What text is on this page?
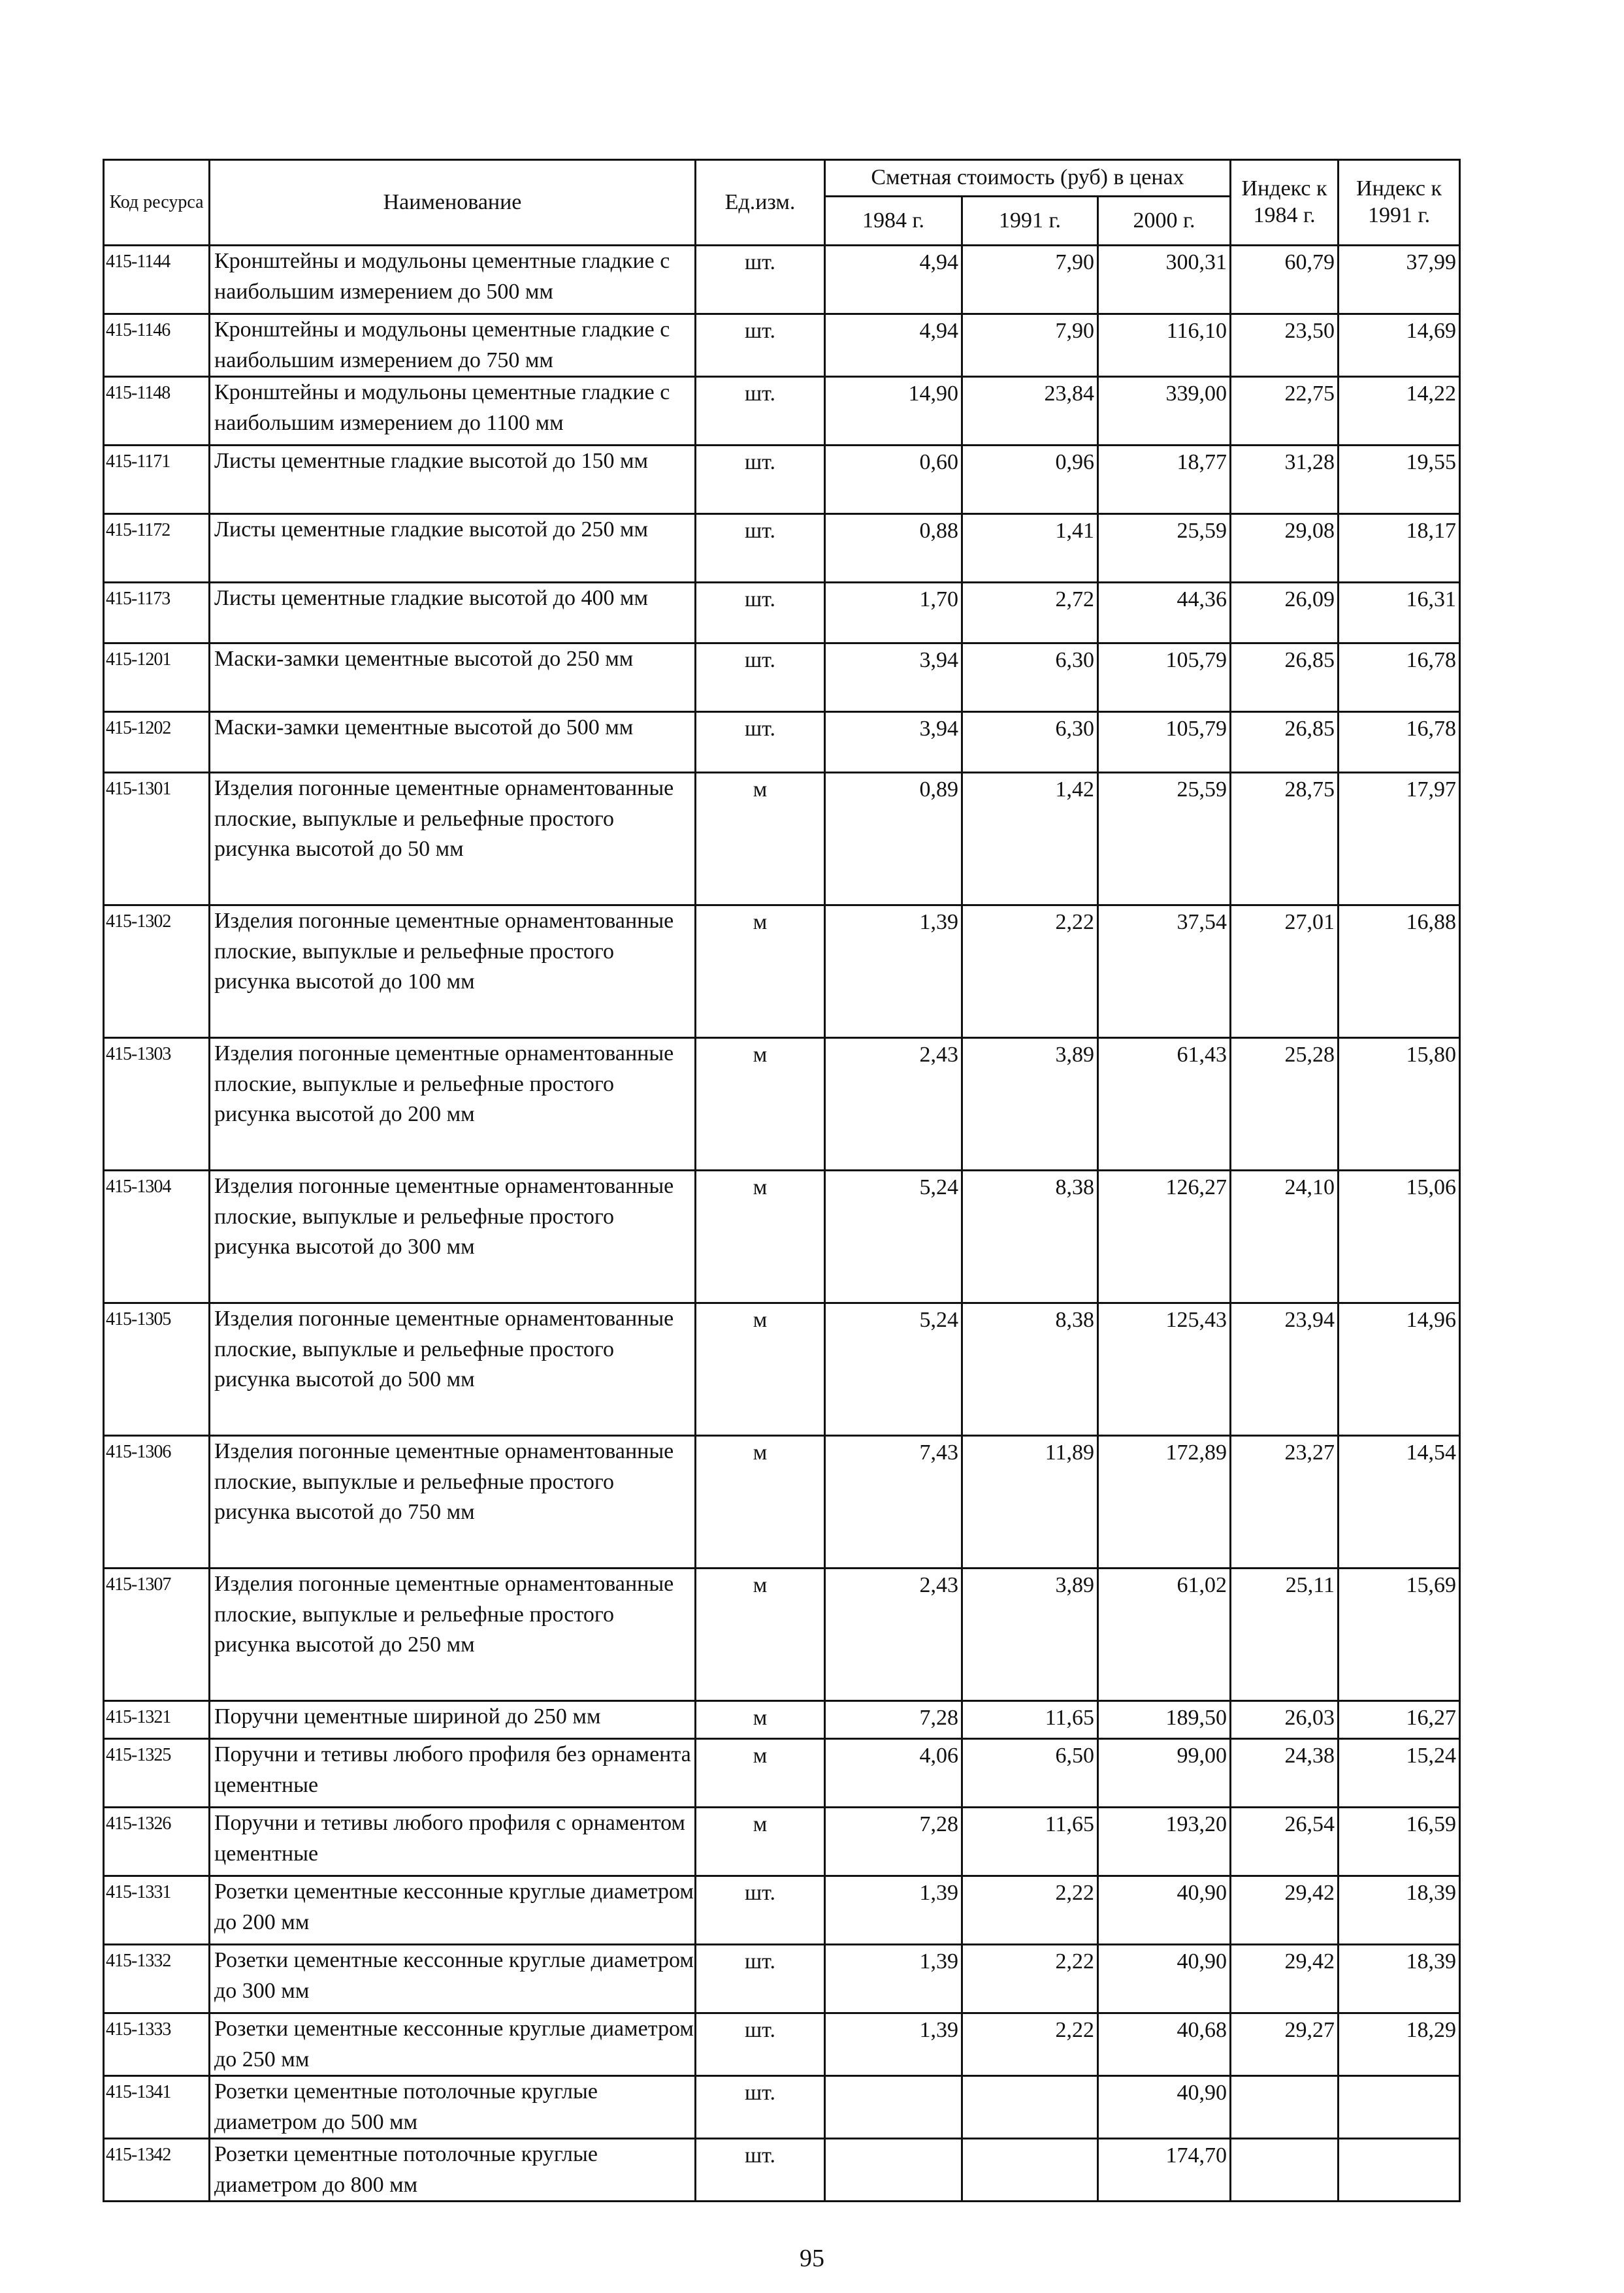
Код ресурса	Наименование	Ед.изм.	Сметная стоимость (руб) в ценах			Индекс к 1984 г.	Индекс к 1991 г.
			1984 г.	1991 г.	2000 г.		
415-1144	Кронштейны и модульоны цементные гладкие с наибольшим измерением до 500 мм	шт.	4,94	7,90	300,31	60,79	37,99
415-1146	Кронштейны и модульоны цементные гладкие с наибольшим измерением до 750 мм	шт.	4,94	7,90	116,10	23,50	14,69
415-1148	Кронштейны и модульоны цементные гладкие с наибольшим измерением до 1100 мм	шт.	14,90	23,84	339,00	22,75	14,22
415-1171	Листы цементные гладкие высотой до 150 мм	шт.	0,60	0,96	18,77	31,28	19,55
415-1172	Листы цементные гладкие высотой до 250 мм	шт.	0,88	1,41	25,59	29,08	18,17
415-1173	Листы цементные гладкие высотой до 400 мм	шт.	1,70	2,72	44,36	26,09	16,31
415-1201	Маски-замки цементные высотой до 250 мм	шт.	3,94	6,30	105,79	26,85	16,78
415-1202	Маски-замки цементные высотой до 500 мм	шт.	3,94	6,30	105,79	26,85	16,78
415-1301	Изделия погонные цементные орнаментованные плоские, выпуклые и рельефные простого рисунка высотой до 50 мм	м	0,89	1,42	25,59	28,75	17,97
415-1302	Изделия погонные цементные орнаментованные плоские, выпуклые и рельефные простого рисунка высотой до 100 мм	м	1,39	2,22	37,54	27,01	16,88
415-1303	Изделия погонные цементные орнаментованные плоские, выпуклые и рельефные простого рисунка высотой до 200 мм	м	2,43	3,89	61,43	25,28	15,80
415-1304	Изделия погонные цементные орнаментованные плоские, выпуклые и рельефные простого рисунка высотой до 300 мм	м	5,24	8,38	126,27	24,10	15,06
415-1305	Изделия погонные цементные орнаментованные плоские, выпуклые и рельефные простого рисунка высотой до 500 мм	м	5,24	8,38	125,43	23,94	14,96
415-1306	Изделия погонные цементные орнаментованные плоские, выпуклые и рельефные простого рисунка высотой до 750 мм	м	7,43	11,89	172,89	23,27	14,54
415-1307	Изделия погонные цементные орнаментованные плоские, выпуклые и рельефные простого рисунка высотой до 250 мм	м	2,43	3,89	61,02	25,11	15,69
415-1321	Поручни цементные шириной до 250 мм	м	7,28	11,65	189,50	26,03	16,27
415-1325	Поручни и тетивы любого профиля без орнамента цементные	м	4,06	6,50	99,00	24,38	15,24
415-1326	Поручни и тетивы любого профиля с орнаментом цементные	м	7,28	11,65	193,20	26,54	16,59
415-1331	Розетки цементные кессонные круглые диаметром до 200 мм	шт.	1,39	2,22	40,90	29,42	18,39
415-1332	Розетки цементные кессонные круглые диаметром до 300 мм	шт.	1,39	2,22	40,90	29,42	18,39
415-1333	Розетки цементные кессонные круглые диаметром до 250 мм	шт.	1,39	2,22	40,68	29,27	18,29
415-1341	Розетки цементные потолочные круглые диаметром до 500 мм	шт.			40,90		
415-1342	Розетки цементные потолочные круглые диаметром до 800 мм	шт.			174,70		
95
